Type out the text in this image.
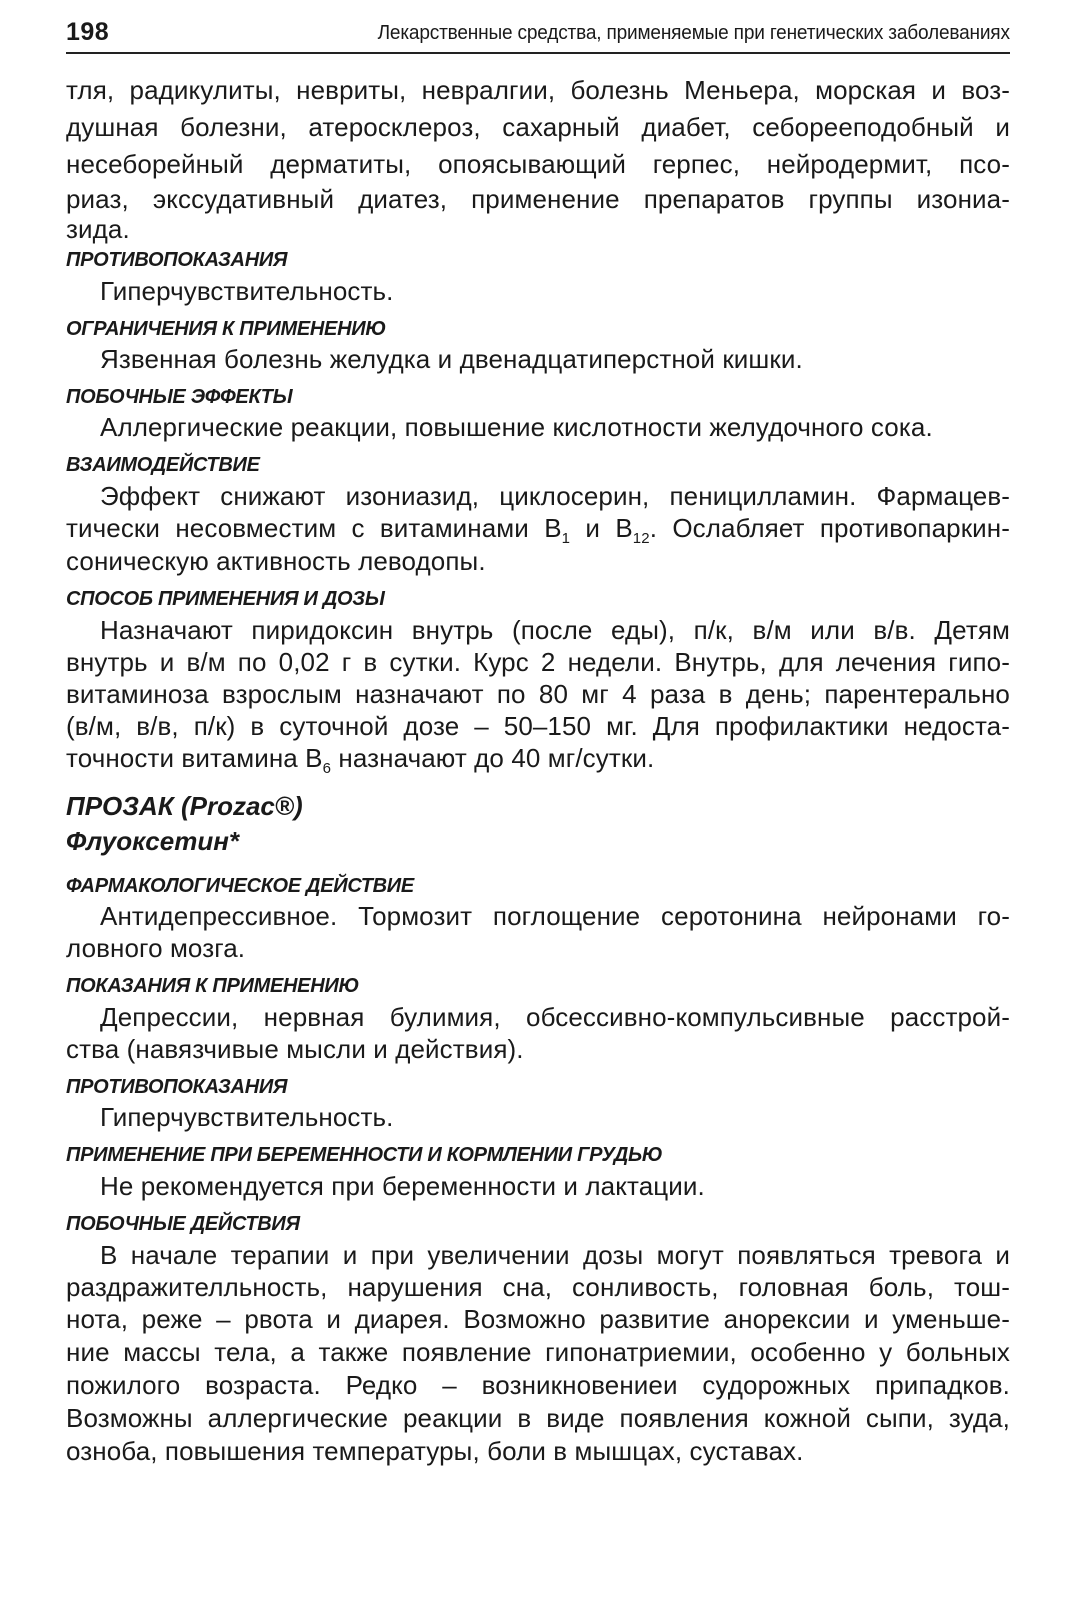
198	Лекарственные средства, применяемые при генетических заболеваниях
тля, радикулиты, невриты, невралгии, болезнь Меньера, морская и воз-
душная болезни, атеросклероз, сахарный диабет, себорееподобный и
несеборейный дерматиты, опоясывающий герпес, нейродермит, псо-
риаз, экссудативный диатез, применение препаратов группы изониа-
зида.
ПРОТИВОПОКАЗАНИЯ
Гиперчувствительность.
ОГРАНИЧЕНИЯ К ПРИМЕНЕНИЮ
Язвенная болезнь желудка и двенадцатиперстной кишки.
ПОБОЧНЫЕ ЭФФЕКТЫ
Аллергические реакции, повышение кислотности желудочного сока.
ВЗАИМОДЕЙСТВИЕ
Эффект снижают изониазид, циклосерин, пеницилламин. Фармацев-
тически несовместим с витаминами $В_1$ и $В_{12}$. Ослабляет противопаркин-
соническую активность леводопы.
СПОСОБ ПРИМЕНЕНИЯ И ДОЗЫ
Назначают пиридоксин внутрь (после еды), п/к, в/м или в/в. Детям
внутрь и в/м по 0,02 г в сутки. Курс 2 недели. Внутрь, для лечения гипо-
витаминоза взрослым назначают по 80 мг 4 раза в день; парентерально
(в/м, в/в, п/к) в суточной дозе – 50–150 мг. Для профилактики недоста-
точности витамина $В_6$ назначают до 40 мг/сутки.
ПРОЗАК (Prozac®)
Флуоксетин*
ФАРМАКОЛОГИЧЕСКОЕ ДЕЙСТВИЕ
Антидепрессивное. Тормозит поглощение серотонина нейронами го-
ловного мозга.
ПОКАЗАНИЯ К ПРИМЕНЕНИЮ
Депрессии, нервная булимия, обсессивно-компульсивные расстрой-
ства (навязчивые мысли и действия).
ПРОТИВОПОКАЗАНИЯ
Гиперчувствительность.
ПРИМЕНЕНИЕ ПРИ БЕРЕМЕННОСТИ И КОРМЛЕНИИ ГРУДЬЮ
Не рекомендуется при беременности и лактации.
ПОБОЧНЫЕ ДЕЙСТВИЯ
В начале терапии и при увеличении дозы могут появляться тревога и
раздражителльность, нарушения сна, сонливость, головная боль, тош-
нота, реже – рвота и диарея. Возможно развитие анорексии и уменьше-
ние массы тела, а также появление гипонатриемии, особенно у больных
пожилого возраста. Редко – возникновениеи судорожных припадков.
Возможны аллергические реакции в виде появления кожной сыпи, зуда,
озноба, повышения температуры, боли в мышцах, суставах.
